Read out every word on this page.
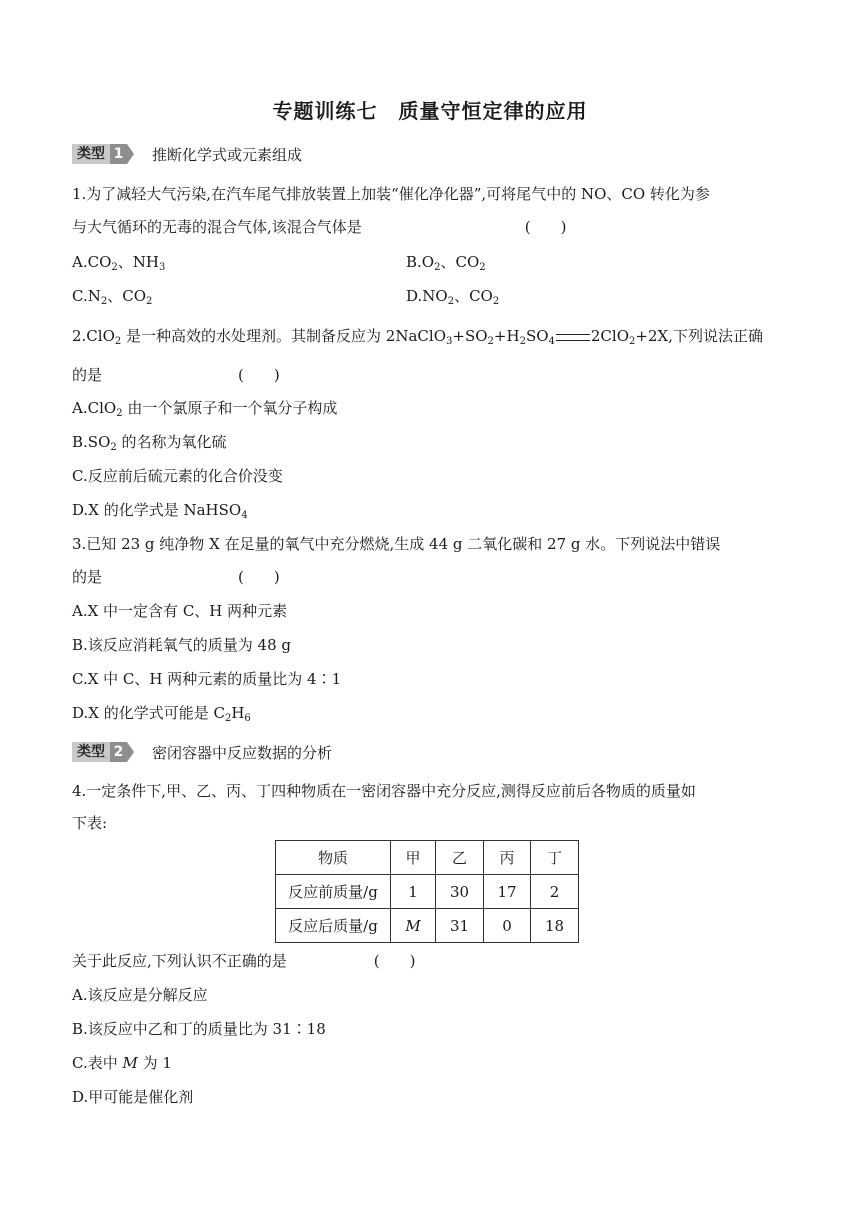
专题训练七　质量守恒定律的应用
类型 1 推断化学式或元素组成
1.为了减轻大气污染,在汽车尾气排放装置上加装“催化净化器”,可将尾气中的 NO、CO 转化为参
与大气循环的无毒的混合气体,该混合气体是	(　　)
$A.CO_2$、$NH_3$	$B.O_2$、$CO_2$
$C.N_2$、$CO_2$	$D.NO_2$、$CO_2$
2.ClO$_2$ 是一种高效的水处理剂。其制备反应为 $2NaClO_3+SO_2+H_2SO_4$ 2ClO$_2$+2X,下列说法正确
的是	(　　)
A.ClO$_2$ 由一个氯原子和一个氧分子构成
$B.SO_2$ 的名称为氧化硫
C.反应前后硫元素的化合价没变
D.X 的化学式是 NaHSO$_4$
3.已知 23 g 纯净物 X 在足量的氧气中充分燃烧,生成 44 g 二氧化碳和 27 g 水。下列说法中错误
的是	(　　)
A.X 中一定含有 C、H 两种元素
B.该反应消耗氧气的质量为 48 g
C.X 中 C、H 两种元素的质量比为 4∶1
D.X 的化学式可能是 $C_2H_6$
类型 2 密闭容器中反应数据的分析
4.一定条件下,甲、乙、丙、丁四种物质在一密闭容器中充分反应,测得反应前后各物质的质量如
下表:
物质	甲	乙	丙	丁
反应前质量/g	1	30	17	2
反应后质量/g	M	31	0	18
关于此反应,下列认识不正确的是	(　　)
A.该反应是分解反应
B.该反应中乙和丁的质量比为 31∶18
C.表中 M 为 1
D.甲可能是催化剂
